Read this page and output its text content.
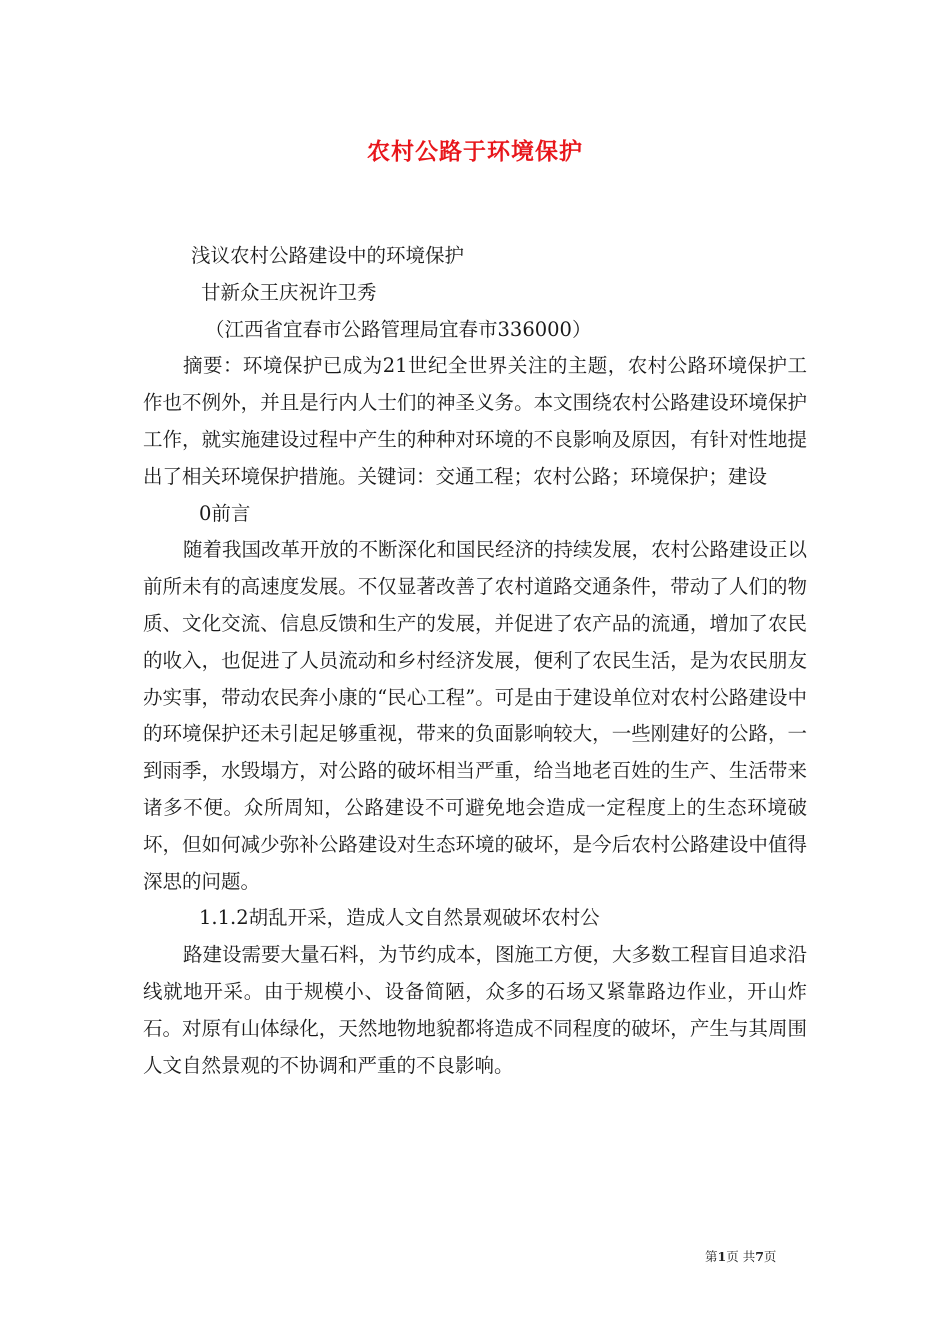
农村公路于环境保护

浅议农村公路建设中的环境保护

甘新众王庆祝许卫秀

（江西省宜春市公路管理局宜春市336000）

摘要：环境保护已成为21世纪全世界关注的主题，农村公路环境保护工作也不例外，并且是行内人士们的神圣义务。本文围绕农村公路建设环境保护工作，就实施建设过程中产生的种种对环境的不良影响及原因，有针对性地提出了相关环境保护措施。关键词：交通工程；农村公路；环境保护；建设

0前言

随着我国改革开放的不断深化和国民经济的持续发展，农村公路建设正以前所未有的高速度发展。不仅显著改善了农村道路交通条件，带动了人们的物质、文化交流、信息反馈和生产的发展，并促进了农产品的流通，增加了农民的收入，也促进了人员流动和乡村经济发展，便利了农民生活，是为农民朋友办实事，带动农民奔小康的“民心工程”。可是由于建设单位对农村公路建设中的环境保护还未引起足够重视，带来的负面影响较大，一些刚建好的公路，一到雨季，水毁塌方，对公路的破坏相当严重，给当地老百姓的生产、生活带来诸多不便。众所周知，公路建设不可避免地会造成一定程度上的生态环境破坏，但如何减少弥补公路建设对生态环境的破坏，是今后农村公路建设中值得深思的问题。

1.1.2胡乱开采，造成人文自然景观破坏农村公

路建设需要大量石料，为节约成本，图施工方便，大多数工程盲目追求沿线就地开采。由于规模小、设备简陋，众多的石场又紧靠路边作业，开山炸石。对原有山体绿化，天然地物地貌都将造成不同程度的破坏，产生与其周围人文自然景观的不协调和严重的不良影响。

第1页 共7页
